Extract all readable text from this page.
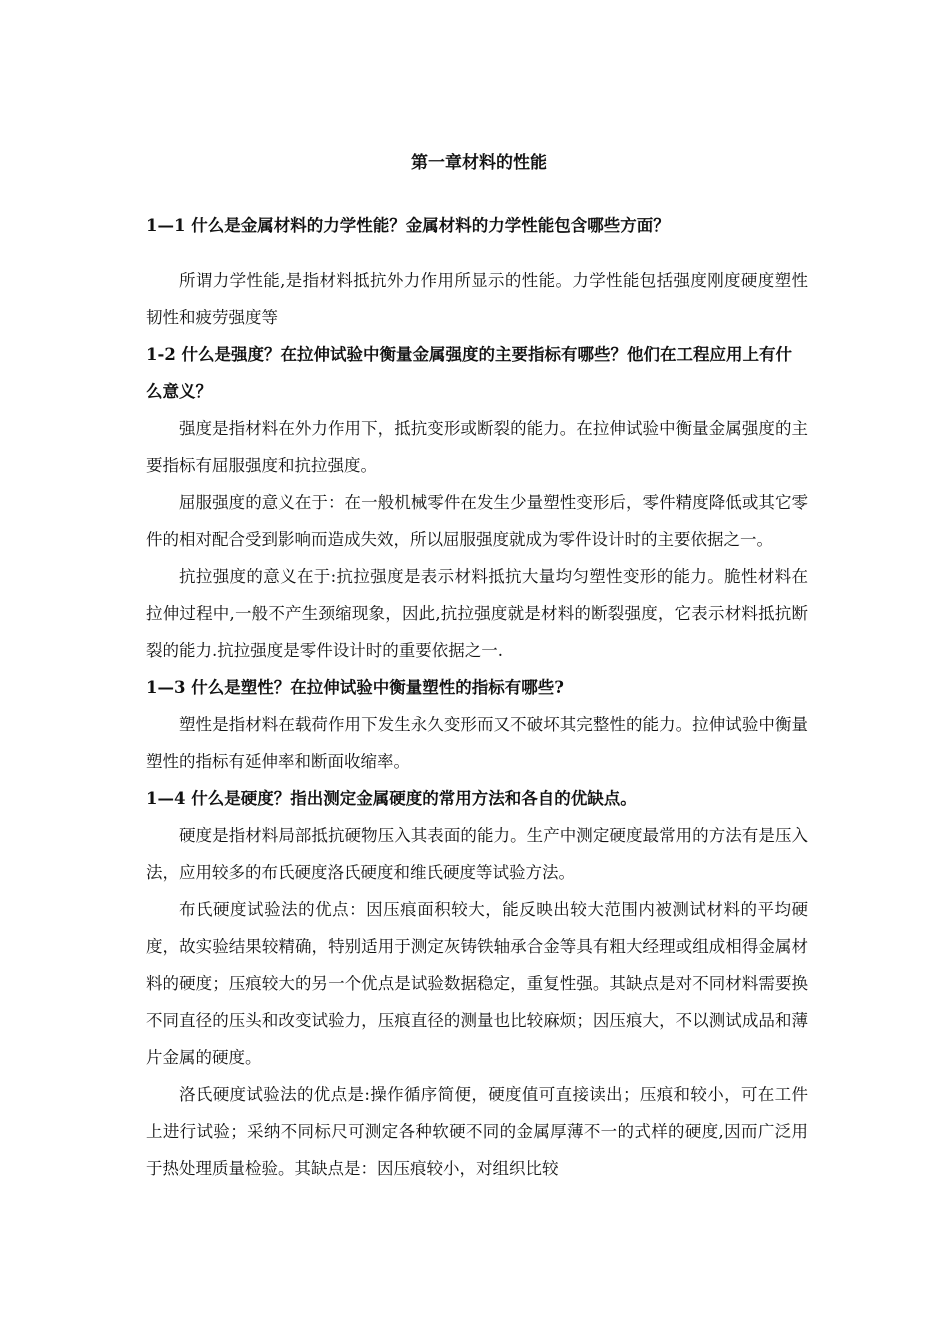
第一章材料的性能

1—1 什么是金属材料的力学性能？金属材料的力学性能包含哪些方面？

所谓力学性能,是指材料抵抗外力作用所显示的性能。力学性能包括强度刚度硬度塑性韧性和疲劳强度等

1-2 什么是强度？在拉伸试验中衡量金属强度的主要指标有哪些？他们在工程应用上有什么意义？

强度是指材料在外力作用下，抵抗变形或断裂的能力。在拉伸试验中衡量金属强度的主要指标有屈服强度和抗拉强度。

屈服强度的意义在于：在一般机械零件在发生少量塑性变形后，零件精度降低或其它零件的相对配合受到影响而造成失效，所以屈服强度就成为零件设计时的主要依据之一。

抗拉强度的意义在于:抗拉强度是表示材料抵抗大量均匀塑性变形的能力。脆性材料在拉伸过程中,一般不产生颈缩现象，因此,抗拉强度就是材料的断裂强度，它表示材料抵抗断裂的能力.抗拉强度是零件设计时的重要依据之一.

1—3 什么是塑性？在拉伸试验中衡量塑性的指标有哪些?

塑性是指材料在载荷作用下发生永久变形而又不破坏其完整性的能力。拉伸试验中衡量塑性的指标有延伸率和断面收缩率。

1—4 什么是硬度？指出测定金属硬度的常用方法和各自的优缺点。

硬度是指材料局部抵抗硬物压入其表面的能力。生产中测定硬度最常用的方法有是压入法，应用较多的布氏硬度洛氏硬度和维氏硬度等试验方法。

布氏硬度试验法的优点：因压痕面积较大，能反映出较大范围内被测试材料的平均硬度，故实验结果较精确，特别适用于测定灰铸铁轴承合金等具有粗大经理或组成相得金属材料的硬度；压痕较大的另一个优点是试验数据稳定，重复性强。其缺点是对不同材料需要换不同直径的压头和改变试验力，压痕直径的测量也比较麻烦；因压痕大，不以测试成品和薄片金属的硬度。

洛氏硬度试验法的优点是:操作循序简便，硬度值可直接读出；压痕和较小，可在工件上进行试验；采纳不同标尺可测定各种软硬不同的金属厚薄不一的式样的硬度,因而广泛用于热处理质量检验。其缺点是：因压痕较小，对组织比较
